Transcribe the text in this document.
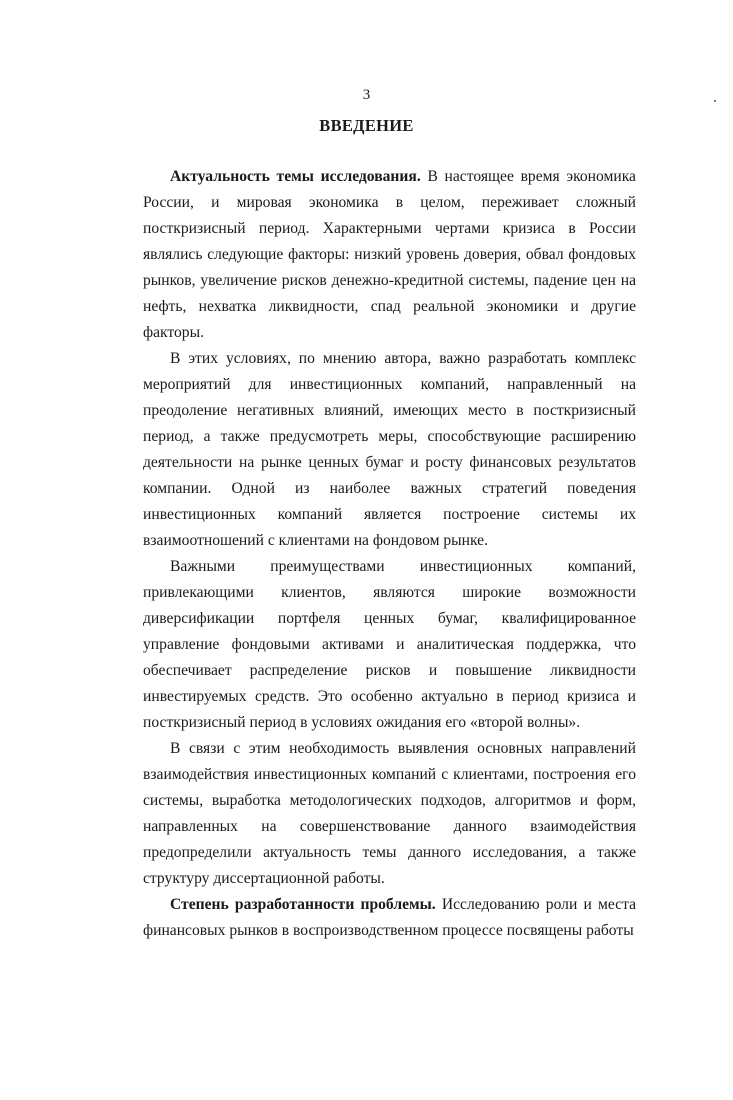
3
ВВЕДЕНИЕ

Актуальность темы исследования. В настоящее время экономика России, и мировая экономика в целом, переживает сложный посткризисный период. Характерными чертами кризиса в России являлись следующие факторы: низкий уровень доверия, обвал фондовых рынков, увеличение рисков денежно-кредитной системы, падение цен на нефть, нехватка ликвидности, спад реальной экономики и другие факторы.

В этих условиях, по мнению автора, важно разработать комплекс мероприятий для инвестиционных компаний, направленный на преодоление негативных влияний, имеющих место в посткризисный период, а также предусмотреть меры, способствующие расширению деятельности на рынке ценных бумаг и росту финансовых результатов компании. Одной из наиболее важных стратегий поведения инвестиционных компаний является построение системы их взаимоотношений с клиентами на фондовом рынке.

Важными преимуществами инвестиционных компаний, привлекающими клиентов, являются широкие возможности диверсификации портфеля ценных бумаг, квалифицированное управление фондовыми активами и аналитическая поддержка, что обеспечивает распределение рисков и повышение ликвидности инвестируемых средств. Это особенно актуально в период кризиса и посткризисный период в условиях ожидания его «второй волны».

В связи с этим необходимость выявления основных направлений взаимодействия инвестиционных компаний с клиентами, построения его системы, выработка методологических подходов, алгоритмов и форм, направленных на совершенствование данного взаимодействия предопределили актуальность темы данного исследования, а также структуру диссертационной работы.

Степень разработанности проблемы. Исследованию роли и места финансовых рынков в воспроизводственном процессе посвящены работы
